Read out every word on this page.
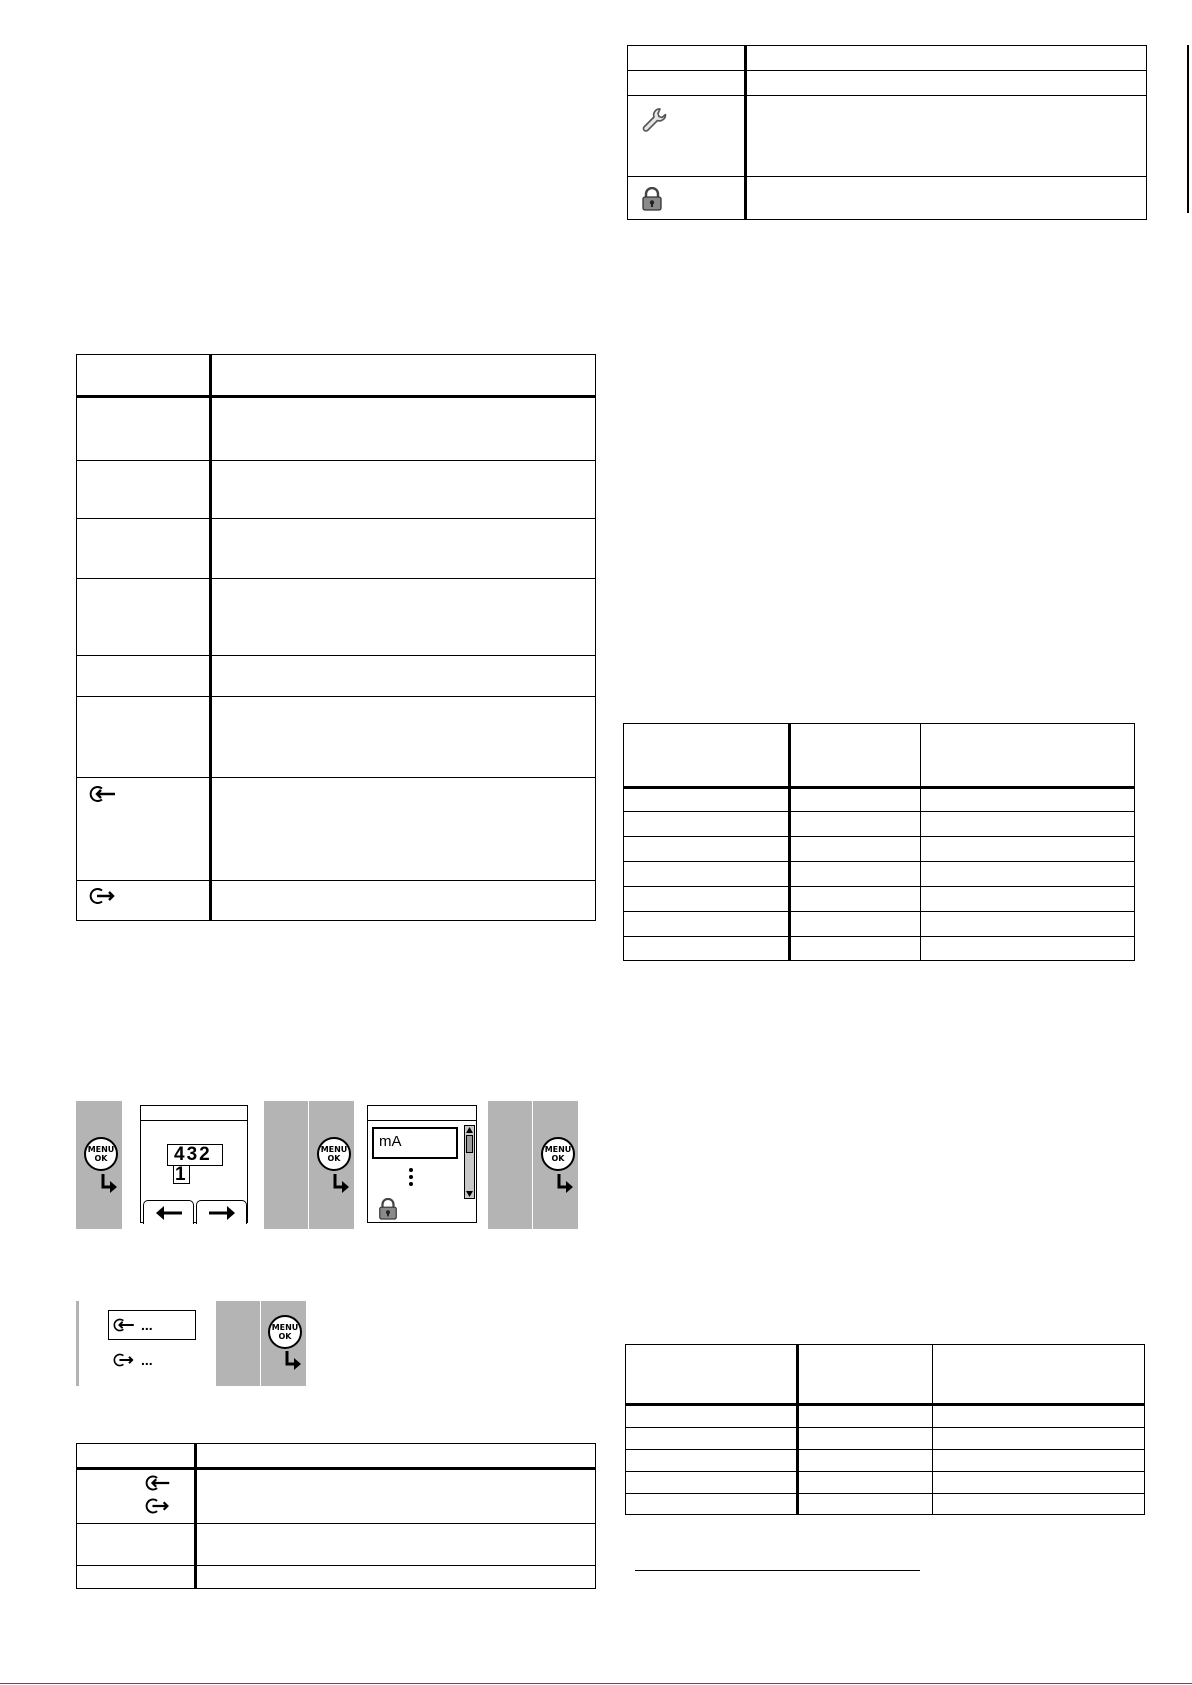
MENU
OK	4321
MENU
OK
mA	MENU
OK
...
...
MENU
OK
